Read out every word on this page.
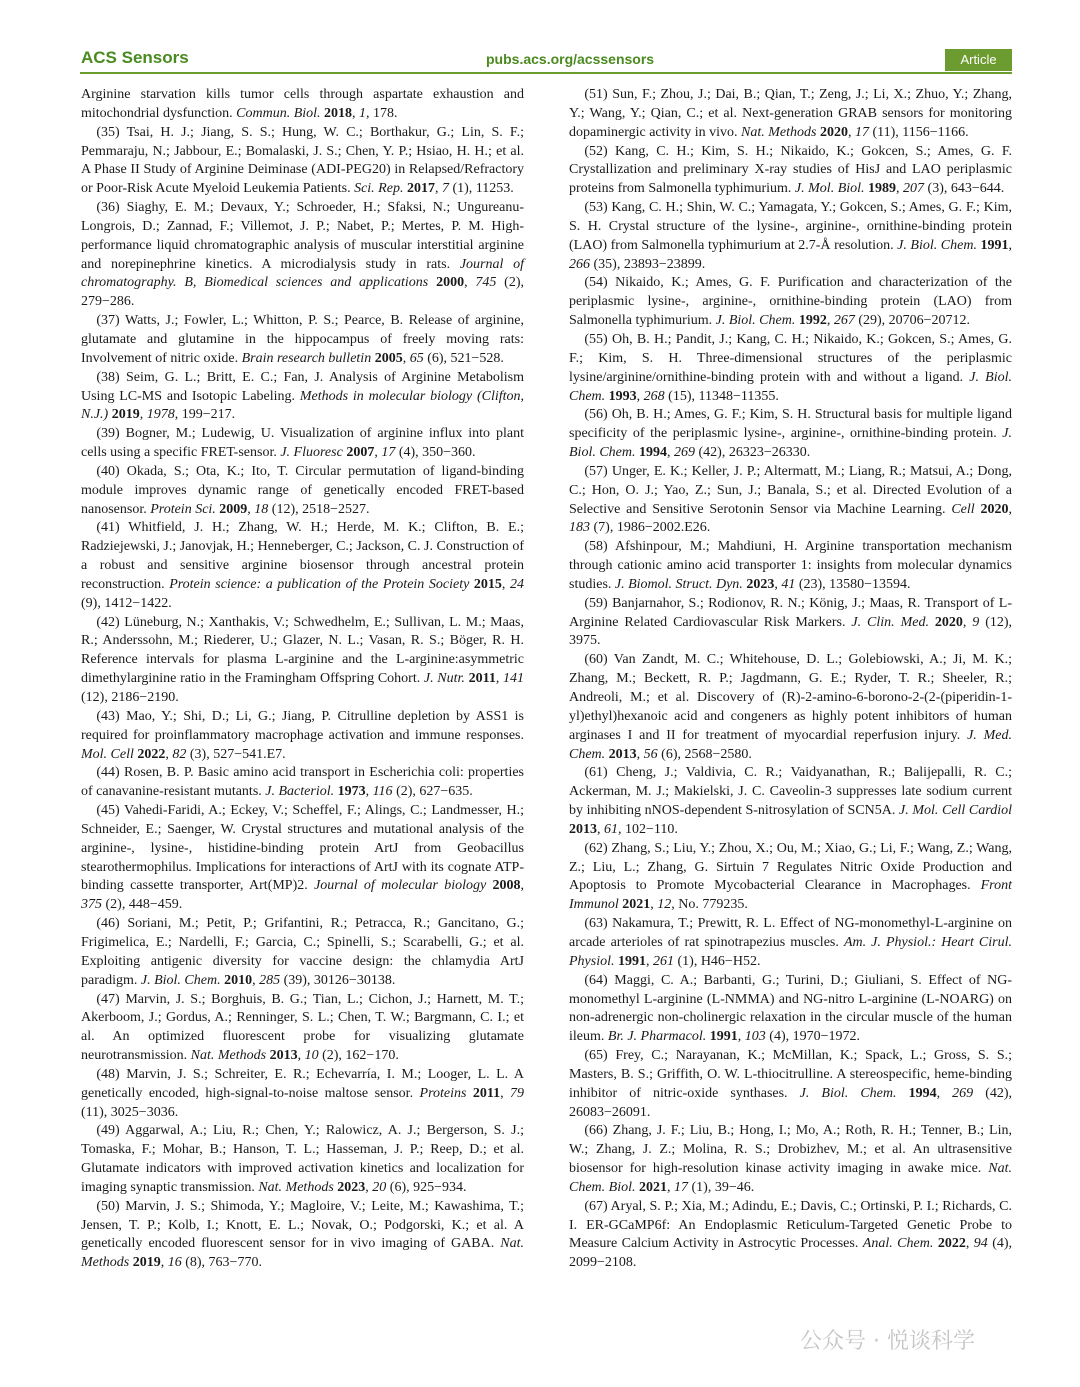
ACS Sensors	pubs.acs.org/acssensors	Article

Arginine starvation kills tumor cells through aspartate exhaustion and mitochondrial dysfunction. Commun. Biol. 2018, 1, 178.

(35) Tsai, H. J.; Jiang, S. S.; Hung, W. C.; Borthakur, G.; Lin, S. F.; Pemmaraju, N.; Jabbour, E.; Bomalaski, J. S.; Chen, Y. P.; Hsiao, H. H.; et al. A Phase II Study of Arginine Deiminase (ADI-PEG20) in Relapsed/Refractory or Poor-Risk Acute Myeloid Leukemia Patients. Sci. Rep. 2017, 7 (1), 11253.

(36) Siaghy, E. M.; Devaux, Y.; Schroeder, H.; Sfaksi, N.; Ungureanu-Longrois, D.; Zannad, F.; Villemot, J. P.; Nabet, P.; Mertes, P. M. High-performance liquid chromatographic analysis of muscular interstitial arginine and norepinephrine kinetics. A microdialysis study in rats. Journal of chromatography. B, Biomedical sciences and applications 2000, 745 (2), 279−286.

(37) Watts, J.; Fowler, L.; Whitton, P. S.; Pearce, B. Release of arginine, glutamate and glutamine in the hippocampus of freely moving rats: Involvement of nitric oxide. Brain research bulletin 2005, 65 (6), 521−528.

(38) Seim, G. L.; Britt, E. C.; Fan, J. Analysis of Arginine Metabolism Using LC-MS and Isotopic Labeling. Methods in molecular biology (Clifton, N.J.) 2019, 1978, 199−217.

(39) Bogner, M.; Ludewig, U. Visualization of arginine influx into plant cells using a specific FRET-sensor. J. Fluoresc 2007, 17 (4), 350−360.

(40) Okada, S.; Ota, K.; Ito, T. Circular permutation of ligand-binding module improves dynamic range of genetically encoded FRET-based nanosensor. Protein Sci. 2009, 18 (12), 2518−2527.

(41) Whitfield, J. H.; Zhang, W. H.; Herde, M. K.; Clifton, B. E.; Radziejewski, J.; Janovjak, H.; Henneberger, C.; Jackson, C. J. Construction of a robust and sensitive arginine biosensor through ancestral protein reconstruction. Protein science: a publication of the Protein Society 2015, 24 (9), 1412−1422.

(42) Lüneburg, N.; Xanthakis, V.; Schwedhelm, E.; Sullivan, L. M.; Maas, R.; Anderssohn, M.; Riederer, U.; Glazer, N. L.; Vasan, R. S.; Böger, R. H. Reference intervals for plasma L-arginine and the L-arginine:asymmetric dimethylarginine ratio in the Framingham Offspring Cohort. J. Nutr. 2011, 141 (12), 2186−2190.

(43) Mao, Y.; Shi, D.; Li, G.; Jiang, P. Citrulline depletion by ASS1 is required for proinflammatory macrophage activation and immune responses. Mol. Cell 2022, 82 (3), 527−541.E7.

(44) Rosen, B. P. Basic amino acid transport in Escherichia coli: properties of canavanine-resistant mutants. J. Bacteriol. 1973, 116 (2), 627−635.

(45) Vahedi-Faridi, A.; Eckey, V.; Scheffel, F.; Alings, C.; Landmesser, H.; Schneider, E.; Saenger, W. Crystal structures and mutational analysis of the arginine-, lysine-, histidine-binding protein ArtJ from Geobacillus stearothermophilus. Implications for interactions of ArtJ with its cognate ATP-binding cassette transporter, Art(MP)2. Journal of molecular biology 2008, 375 (2), 448−459.

(46) Soriani, M.; Petit, P.; Grifantini, R.; Petracca, R.; Gancitano, G.; Frigimelica, E.; Nardelli, F.; Garcia, C.; Spinelli, S.; Scarabelli, G.; et al. Exploiting antigenic diversity for vaccine design: the chlamydia ArtJ paradigm. J. Biol. Chem. 2010, 285 (39), 30126−30138.

(47) Marvin, J. S.; Borghuis, B. G.; Tian, L.; Cichon, J.; Harnett, M. T.; Akerboom, J.; Gordus, A.; Renninger, S. L.; Chen, T. W.; Bargmann, C. I.; et al. An optimized fluorescent probe for visualizing glutamate neurotransmission. Nat. Methods 2013, 10 (2), 162−170.

(48) Marvin, J. S.; Schreiter, E. R.; Echevarría, I. M.; Looger, L. L. A genetically encoded, high-signal-to-noise maltose sensor. Proteins 2011, 79 (11), 3025−3036.

(49) Aggarwal, A.; Liu, R.; Chen, Y.; Ralowicz, A. J.; Bergerson, S. J.; Tomaska, F.; Mohar, B.; Hanson, T. L.; Hasseman, J. P.; Reep, D.; et al. Glutamate indicators with improved activation kinetics and localization for imaging synaptic transmission. Nat. Methods 2023, 20 (6), 925−934.

(50) Marvin, J. S.; Shimoda, Y.; Magloire, V.; Leite, M.; Kawashima, T.; Jensen, T. P.; Kolb, I.; Knott, E. L.; Novak, O.; Podgorski, K.; et al. A genetically encoded fluorescent sensor for in vivo imaging of GABA. Nat. Methods 2019, 16 (8), 763−770.

(51) Sun, F.; Zhou, J.; Dai, B.; Qian, T.; Zeng, J.; Li, X.; Zhuo, Y.; Zhang, Y.; Wang, Y.; Qian, C.; et al. Next-generation GRAB sensors for monitoring dopaminergic activity in vivo. Nat. Methods 2020, 17 (11), 1156−1166.

(52) Kang, C. H.; Kim, S. H.; Nikaido, K.; Gokcen, S.; Ames, G. F. Crystallization and preliminary X-ray studies of HisJ and LAO periplasmic proteins from Salmonella typhimurium. J. Mol. Biol. 1989, 207 (3), 643−644.

(53) Kang, C. H.; Shin, W. C.; Yamagata, Y.; Gokcen, S.; Ames, G. F.; Kim, S. H. Crystal structure of the lysine-, arginine-, ornithine-binding protein (LAO) from Salmonella typhimurium at 2.7-Å resolution. J. Biol. Chem. 1991, 266 (35), 23893−23899.

(54) Nikaido, K.; Ames, G. F. Purification and characterization of the periplasmic lysine-, arginine-, ornithine-binding protein (LAO) from Salmonella typhimurium. J. Biol. Chem. 1992, 267 (29), 20706−20712.

(55) Oh, B. H.; Pandit, J.; Kang, C. H.; Nikaido, K.; Gokcen, S.; Ames, G. F.; Kim, S. H. Three-dimensional structures of the periplasmic lysine/arginine/ornithine-binding protein with and without a ligand. J. Biol. Chem. 1993, 268 (15), 11348−11355.

(56) Oh, B. H.; Ames, G. F.; Kim, S. H. Structural basis for multiple ligand specificity of the periplasmic lysine-, arginine-, ornithine-binding protein. J. Biol. Chem. 1994, 269 (42), 26323−26330.

(57) Unger, E. K.; Keller, J. P.; Altermatt, M.; Liang, R.; Matsui, A.; Dong, C.; Hon, O. J.; Yao, Z.; Sun, J.; Banala, S.; et al. Directed Evolution of a Selective and Sensitive Serotonin Sensor via Machine Learning. Cell 2020, 183 (7), 1986−2002.E26.

(58) Afshinpour, M.; Mahdiuni, H. Arginine transportation mechanism through cationic amino acid transporter 1: insights from molecular dynamics studies. J. Biomol. Struct. Dyn. 2023, 41 (23), 13580−13594.

(59) Banjarnahor, S.; Rodionov, R. N.; König, J.; Maas, R. Transport of L-Arginine Related Cardiovascular Risk Markers. J. Clin. Med. 2020, 9 (12), 3975.

(60) Van Zandt, M. C.; Whitehouse, D. L.; Golebiowski, A.; Ji, M. K.; Zhang, M.; Beckett, R. P.; Jagdmann, G. E.; Ryder, T. R.; Sheeler, R.; Andreoli, M.; et al. Discovery of (R)-2-amino-6-borono-2-(2-(piperidin-1-yl)ethyl)hexanoic acid and congeners as highly potent inhibitors of human arginases I and II for treatment of myocardial reperfusion injury. J. Med. Chem. 2013, 56 (6), 2568−2580.

(61) Cheng, J.; Valdivia, C. R.; Vaidyanathan, R.; Balijepalli, R. C.; Ackerman, M. J.; Makielski, J. C. Caveolin-3 suppresses late sodium current by inhibiting nNOS-dependent S-nitrosylation of SCN5A. J. Mol. Cell Cardiol 2013, 61, 102−110.

(62) Zhang, S.; Liu, Y.; Zhou, X.; Ou, M.; Xiao, G.; Li, F.; Wang, Z.; Wang, Z.; Liu, L.; Zhang, G. Sirtuin 7 Regulates Nitric Oxide Production and Apoptosis to Promote Mycobacterial Clearance in Macrophages. Front Immunol 2021, 12, No. 779235.

(63) Nakamura, T.; Prewitt, R. L. Effect of NG-monomethyl-L-arginine on arcade arterioles of rat spinotrapezius muscles. Am. J. Physiol.: Heart Cirul. Physiol. 1991, 261 (1), H46−H52.

(64) Maggi, C. A.; Barbanti, G.; Turini, D.; Giuliani, S. Effect of NG-monomethyl L-arginine (L-NMMA) and NG-nitro L-arginine (L-NOARG) on non-adrenergic non-cholinergic relaxation in the circular muscle of the human ileum. Br. J. Pharmacol. 1991, 103 (4), 1970−1972.

(65) Frey, C.; Narayanan, K.; McMillan, K.; Spack, L.; Gross, S. S.; Masters, B. S.; Griffith, O. W. L-thiocitrulline. A stereospecific, heme-binding inhibitor of nitric-oxide synthases. J. Biol. Chem. 1994, 269 (42), 26083−26091.

(66) Zhang, J. F.; Liu, B.; Hong, I.; Mo, A.; Roth, R. H.; Tenner, B.; Lin, W.; Zhang, J. Z.; Molina, R. S.; Drobizhev, M.; et al. An ultrasensitive biosensor for high-resolution kinase activity imaging in awake mice. Nat. Chem. Biol. 2021, 17 (1), 39−46.

(67) Aryal, S. P.; Xia, M.; Adindu, E.; Davis, C.; Ortinski, P. I.; Richards, C. I. ER-GCaMP6f: An Endoplasmic Reticulum-Targeted Genetic Probe to Measure Calcium Activity in Astrocytic Processes. Anal. Chem. 2022, 94 (4), 2099−2108.

公众号 · 悦谈科学
